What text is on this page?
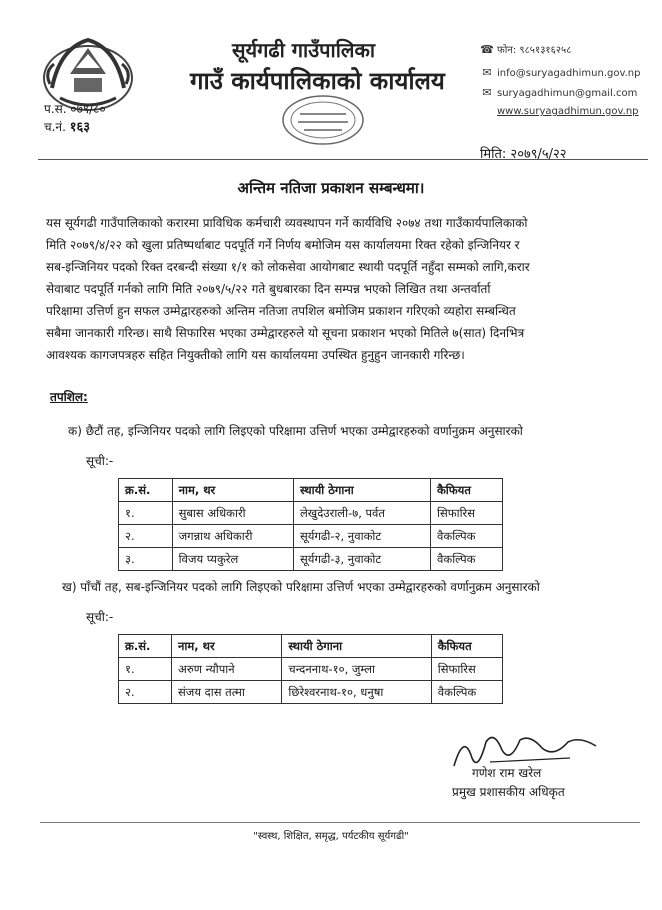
सूर्यगढी गाउँपालिका
गाउँ कार्यपालिकाको कार्यालय
☎ फोन: ९८५१३१६२५८
✉ info@suryagadhimun.gov.np
✉ suryagadhimun@gmail.com
www.suryagadhimun.gov.np
प.सं. ०७९/८०
च.नं. १६३
मिति: २०७९/५/२२
अन्तिम नतिजा प्रकाशन सम्बन्धमा।
यस सूर्यगढी गाउँपालिकाको करारमा प्राविधिक कर्मचारी व्यवस्थापन गर्ने कार्यविधि २०७४ तथा गाउँकार्यपालिकाको
मिति २०७९/४/२२ को खुला प्रतिष्पर्धाबाट पदपूर्ति गर्ने निर्णय बमोजिम यस कार्यालयमा रिक्त रहेको इन्जिनियर र
सब-इन्जिनियर पदको रिक्त दरबन्दी संख्या १/१ को लोकसेवा आयोगबाट स्थायी पदपूर्ति नहुँदा सम्मको लागि,करार
सेवाबाट पदपूर्ति गर्नको लागि मिति २०७९/५/२२ गते बुधबारका दिन सम्पन्न भएको लिखित तथा अन्तर्वार्ता
परिक्षामा उत्तिर्ण हुन सफल उम्मेद्वारहरुको अन्तिम नतिजा तपशिल बमोजिम प्रकाशन गरिएको व्यहोरा सम्बन्धित
सबैमा जानकारी गरिन्छ। साथै सिफारिस भएका उम्मेद्वारहरुले यो सूचना प्रकाशन भएको मितिले ७(सात) दिनभित्र
आवश्यक कागजपत्रहरु सहित नियुक्तीको लागि यस कार्यालयमा उपस्थित हुनुहुन जानकारी गरिन्छ।
तपशिल:
क) छैटौं तह, इन्जिनियर पदको लागि लिइएको परिक्षामा उत्तिर्ण भएका उम्मेद्वारहरुको वर्णानुक्रम अनुसारको
सूची:-
क्र.सं.	नाम, थर	स्थायी ठेगाना	कैफियत
१.	सुबास अधिकारी	लेखुदेउराली-७, पर्वत	सिफारिस
२.	जगन्नाथ अधिकारी	सूर्यगढी-२, नुवाकोट	वैकल्पिक
३.	विजय प्यकुरेल	सूर्यगढी-३, नुवाकोट	वैकल्पिक
ख) पाँचौं तह, सब-इन्जिनियर पदको लागि लिइएको परिक्षामा उत्तिर्ण भएका उम्मेद्वारहरुको वर्णानुक्रम अनुसारको
सूची:-
क्र.सं.	नाम, थर	स्थायी ठेगाना	कैफियत
१.	अरुण न्यौपाने	चन्दननाथ-१०, जुम्ला	सिफारिस
२.	संजय दास तत्मा	छिरेश्वरनाथ-१०, धनुषा	वैकल्पिक
गणेश राम खरेल
प्रमुख प्रशासकीय अधिकृत
"स्वस्थ, शिक्षित, समृद्ध, पर्यटकीय सूर्यगढी"
